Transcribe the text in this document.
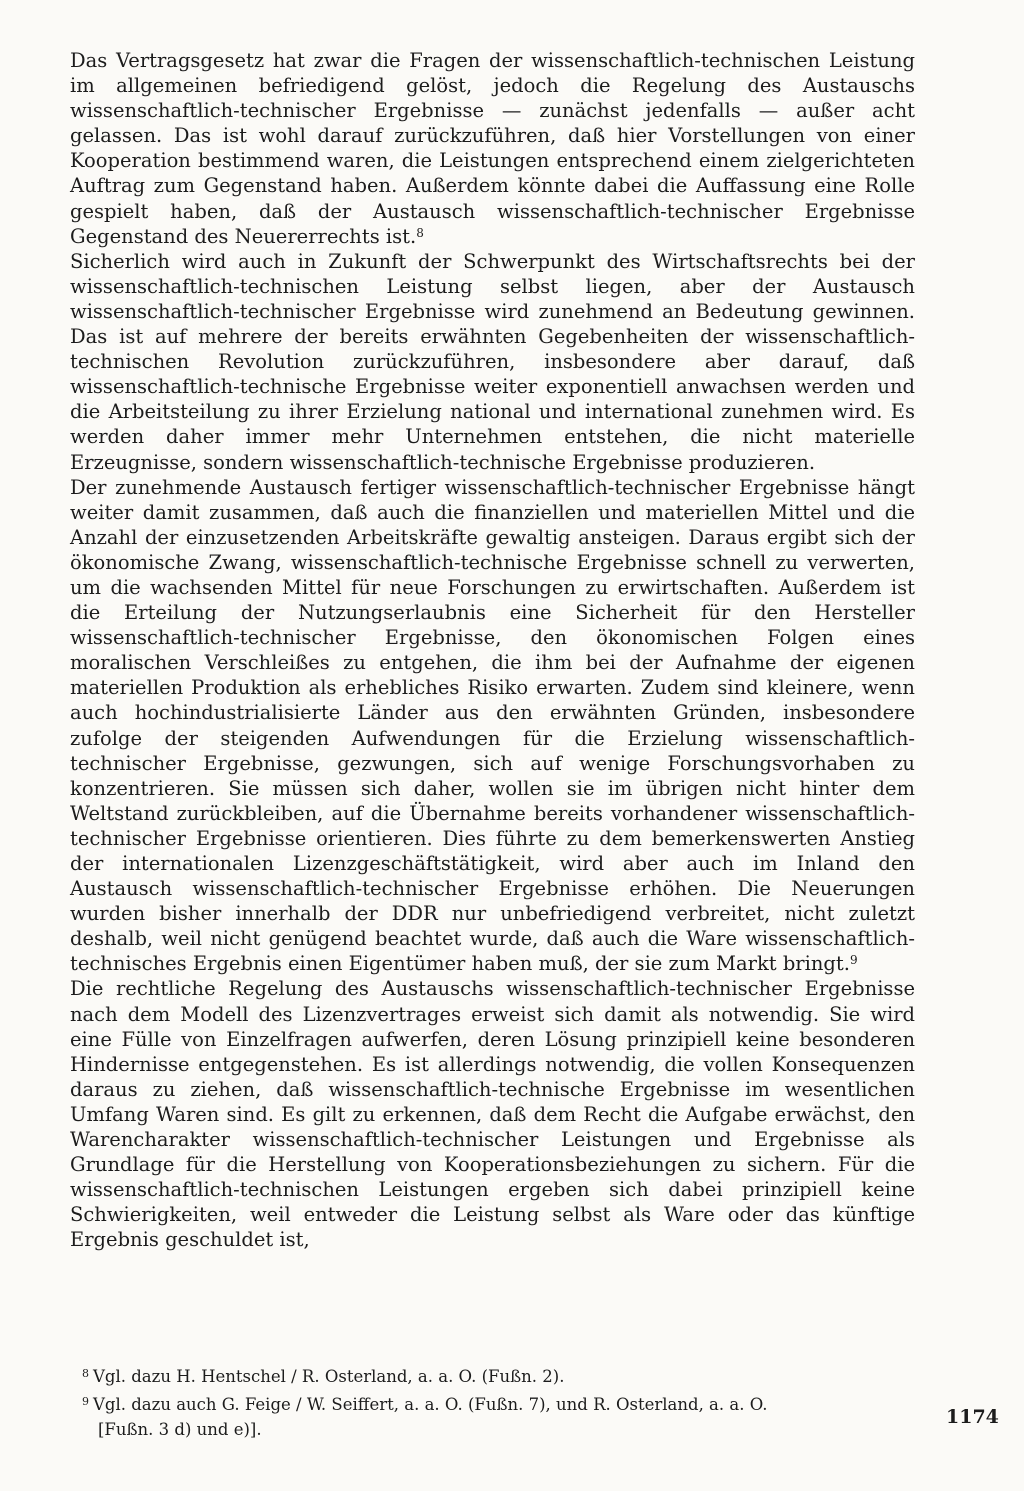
Das Vertragsgesetz hat zwar die Fragen der wissenschaftlich-technischen Leistung im allgemeinen befriedigend gelöst, jedoch die Regelung des Austauschs wissenschaftlich-technischer Ergebnisse — zunächst jedenfalls — außer acht gelassen. Das ist wohl darauf zurückzuführen, daß hier Vorstellungen von einer Kooperation bestimmend waren, die Leistungen entsprechend einem zielgerichteten Auftrag zum Gegenstand haben. Außerdem könnte dabei die Auffassung eine Rolle gespielt haben, daß der Austausch wissenschaftlich-technischer Ergebnisse Gegenstand des Neuererrechts ist.$^8$

Sicherlich wird auch in Zukunft der Schwerpunkt des Wirtschaftsrechts bei der wissenschaftlich-technischen Leistung selbst liegen, aber der Austausch wissenschaftlich-technischer Ergebnisse wird zunehmend an Bedeutung gewinnen. Das ist auf mehrere der bereits erwähnten Gegebenheiten der wissenschaftlich-technischen Revolution zurückzuführen, insbesondere aber darauf, daß wissenschaftlich-technische Ergebnisse weiter exponentiell anwachsen werden und die Arbeitsteilung zu ihrer Erzielung national und international zunehmen wird. Es werden daher immer mehr Unternehmen entstehen, die nicht materielle Erzeugnisse, sondern wissenschaftlich-technische Ergebnisse produzieren.

Der zunehmende Austausch fertiger wissenschaftlich-technischer Ergebnisse hängt weiter damit zusammen, daß auch die finanziellen und materiellen Mittel und die Anzahl der einzusetzenden Arbeitskräfte gewaltig ansteigen. Daraus ergibt sich der ökonomische Zwang, wissenschaftlich-technische Ergebnisse schnell zu verwerten, um die wachsenden Mittel für neue Forschungen zu erwirtschaften. Außerdem ist die Erteilung der Nutzungserlaubnis eine Sicherheit für den Hersteller wissenschaftlich-technischer Ergebnisse, den ökonomischen Folgen eines moralischen Verschleißes zu entgehen, die ihm bei der Aufnahme der eigenen materiellen Produktion als erhebliches Risiko erwarten. Zudem sind kleinere, wenn auch hochindustrialisierte Länder aus den erwähnten Gründen, insbesondere zufolge der steigenden Aufwendungen für die Erzielung wissenschaftlich-technischer Ergebnisse, gezwungen, sich auf wenige Forschungsvorhaben zu konzentrieren. Sie müssen sich daher, wollen sie im übrigen nicht hinter dem Weltstand zurückbleiben, auf die Übernahme bereits vorhandener wissenschaftlich-technischer Ergebnisse orientieren. Dies führte zu dem bemerkenswerten Anstieg der internationalen Lizenzgeschäftstätigkeit, wird aber auch im Inland den Austausch wissenschaftlich-technischer Ergebnisse erhöhen. Die Neuerungen wurden bisher innerhalb der DDR nur unbefriedigend verbreitet, nicht zuletzt deshalb, weil nicht genügend beachtet wurde, daß auch die Ware wissenschaftlich-technisches Ergebnis einen Eigentümer haben muß, der sie zum Markt bringt.$^9$

Die rechtliche Regelung des Austauschs wissenschaftlich-technischer Ergebnisse nach dem Modell des Lizenzvertrages erweist sich damit als notwendig. Sie wird eine Fülle von Einzelfragen aufwerfen, deren Lösung prinzipiell keine besonderen Hindernisse entgegenstehen. Es ist allerdings notwendig, die vollen Konsequenzen daraus zu ziehen, daß wissenschaftlich-technische Ergebnisse im wesentlichen Umfang Waren sind. Es gilt zu erkennen, daß dem Recht die Aufgabe erwächst, den Warencharakter wissenschaftlich-technischer Leistungen und Ergebnisse als Grundlage für die Herstellung von Kooperationsbeziehungen zu sichern. Für die wissenschaftlich-technischen Leistungen ergeben sich dabei prinzipiell keine Schwierigkeiten, weil entweder die Leistung selbst als Ware oder das künftige Ergebnis geschuldet ist,

$^8$ Vgl. dazu H. Hentschel / R. Osterland, a. a. O. (Fußn. 2).

$^9$ Vgl. dazu auch G. Feige / W. Seiffert, a. a. O. (Fußn. 7), und R. Osterland, a. a. O.
[Fußn. 3 d) und e)].

1174
